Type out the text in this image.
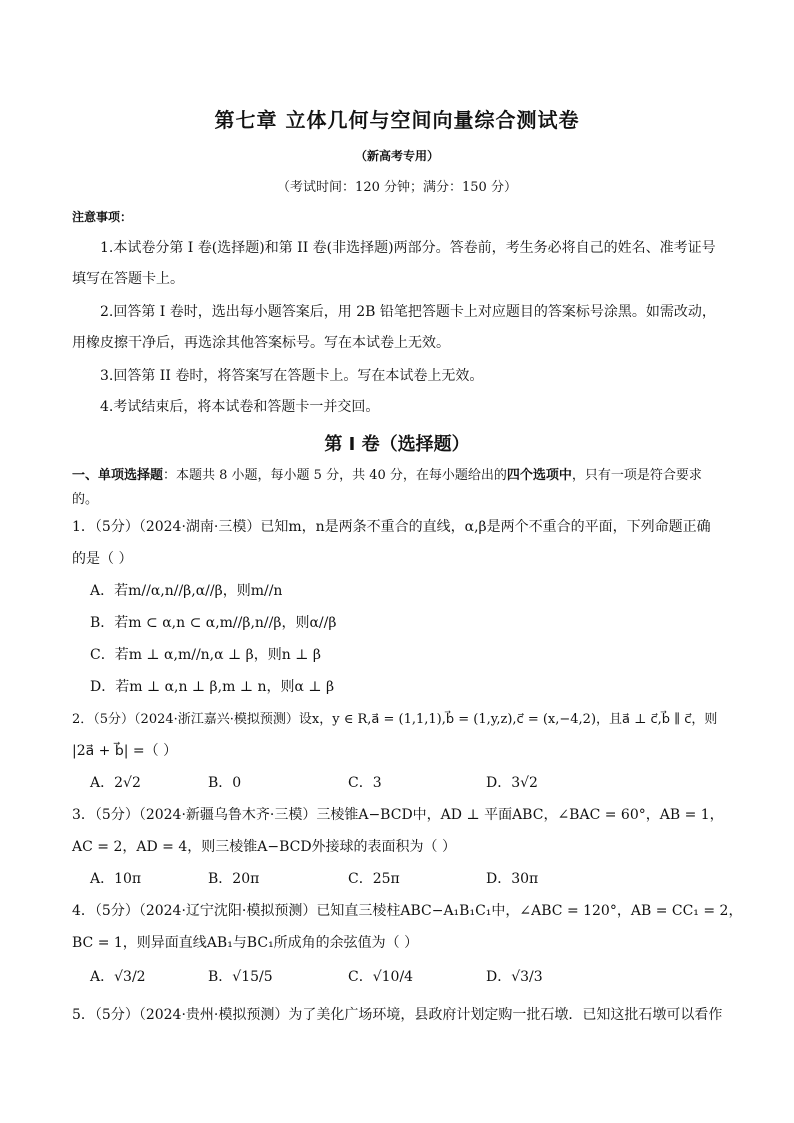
第七章 立体几何与空间向量综合测试卷
（新高考专用）
（考试时间：120 分钟；满分：150 分）
注意事项：

1.本试卷分第 I 卷(选择题)和第 II 卷(非选择题)两部分。答卷前，考生务必将自己的姓名、准考证号填写在答题卡上。

2.回答第 I 卷时，选出每小题答案后，用 2B 铅笔把答题卡上对应题目的答案标号涂黑。如需改动，用橡皮擦干净后，再选涂其他答案标号。写在本试卷上无效。

3.回答第 II 卷时，将答案写在答题卡上。写在本试卷上无效。

4.考试结束后，将本试卷和答题卡一并交回。

第 I 卷（选择题）

一、单项选择题：本题共 8 小题，每小题 5 分，共 40 分，在每小题给出的四个选项中，只有一项是符合要求的。

1．（5分）（2024·湖南·三模）已知m，n是两条不重合的直线，α,β是两个不重合的平面，下列命题正确
的是（ ）
A．若m//α,n//β,α//β，则m//n
B．若m ⊂ α,n ⊂ α,m//β,n//β，则α//β
C．若m ⊥ α,m//n,α ⊥ β，则n ⊥ β
D．若m ⊥ α,n ⊥ β,m ⊥ n，则α ⊥ β
2．（5分）（2024·浙江嘉兴·模拟预测）设x，y ∈ R,a⃗ = (1,1,1),b⃗ = (1,y,z),c⃗ = (x,−4,2)，且a⃗ ⊥ c⃗,b⃗ ∥ c⃗，则
|2a⃗ + b⃗| =（ ）
A．2√2	B．0	C．3	D．3√2
3．（5分）（2024·新疆乌鲁木齐·三模）三棱锥A−BCD中，AD ⊥ 平面ABC，∠BAC = 60°，AB = 1，
AC = 2，AD = 4，则三棱锥A−BCD外接球的表面积为（ ）
A．10π	B．20π	C．25π	D．30π
4．（5分）（2024·辽宁沈阳·模拟预测）已知直三棱柱ABC−A₁B₁C₁中，∠ABC = 120°，AB = CC₁ = 2，
BC = 1，则异面直线AB₁与BC₁所成角的余弦值为（ ）
A．√3/2	B．√15/5	C．√10/4	D．√3/3
5．（5分）（2024·贵州·模拟预测）为了美化广场环境，县政府计划定购一批石墩．已知这批石墩可以看作
